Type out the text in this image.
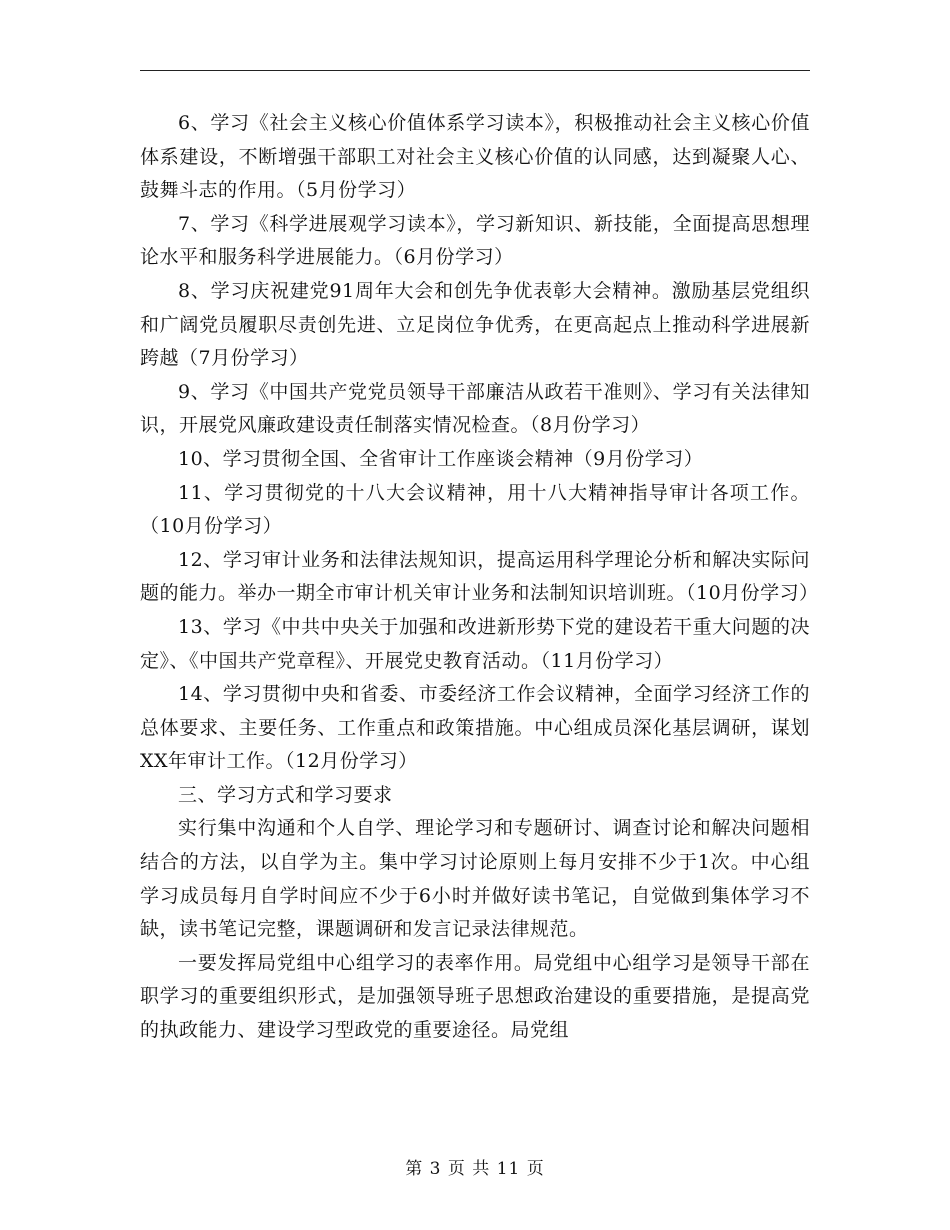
6、学习《社会主义核心价值体系学习读本》，积极推动社会主义核心价值体系建设，不断增强干部职工对社会主义核心价值的认同感，达到凝聚人心、鼓舞斗志的作用。（5月份学习）

7、学习《科学进展观学习读本》，学习新知识、新技能，全面提高思想理论水平和服务科学进展能力。（6月份学习）

8、学习庆祝建党91周年大会和创先争优表彰大会精神。激励基层党组织和广阔党员履职尽责创先进、立足岗位争优秀，在更高起点上推动科学进展新跨越（7月份学习）

9、学习《中国共产党党员领导干部廉洁从政若干准则》、学习有关法律知识，开展党风廉政建设责任制落实情况检查。（8月份学习）

10、学习贯彻全国、全省审计工作座谈会精神（9月份学习）

11、学习贯彻党的十八大会议精神，用十八大精神指导审计各项工作。（10月份学习）

12、学习审计业务和法律法规知识，提高运用科学理论分析和解决实际问题的能力。举办一期全市审计机关审计业务和法制知识培训班。（10月份学习）

13、学习《中共中央关于加强和改进新形势下党的建设若干重大问题的决定》、《中国共产党章程》、开展党史教育活动。（11月份学习）

14、学习贯彻中央和省委、市委经济工作会议精神，全面学习经济工作的总体要求、主要任务、工作重点和政策措施。中心组成员深化基层调研，谋划XX年审计工作。（12月份学习）

三、学习方式和学习要求

实行集中沟通和个人自学、理论学习和专题研讨、调查讨论和解决问题相结合的方法，以自学为主。集中学习讨论原则上每月安排不少于1次。中心组学习成员每月自学时间应不少于6小时并做好读书笔记，自觉做到集体学习不缺，读书笔记完整，课题调研和发言记录法律规范。

一要发挥局党组中心组学习的表率作用。局党组中心组学习是领导干部在职学习的重要组织形式，是加强领导班子思想政治建设的重要措施，是提高党的执政能力、建设学习型政党的重要途径。局党组

第 3 页 共 11 页
